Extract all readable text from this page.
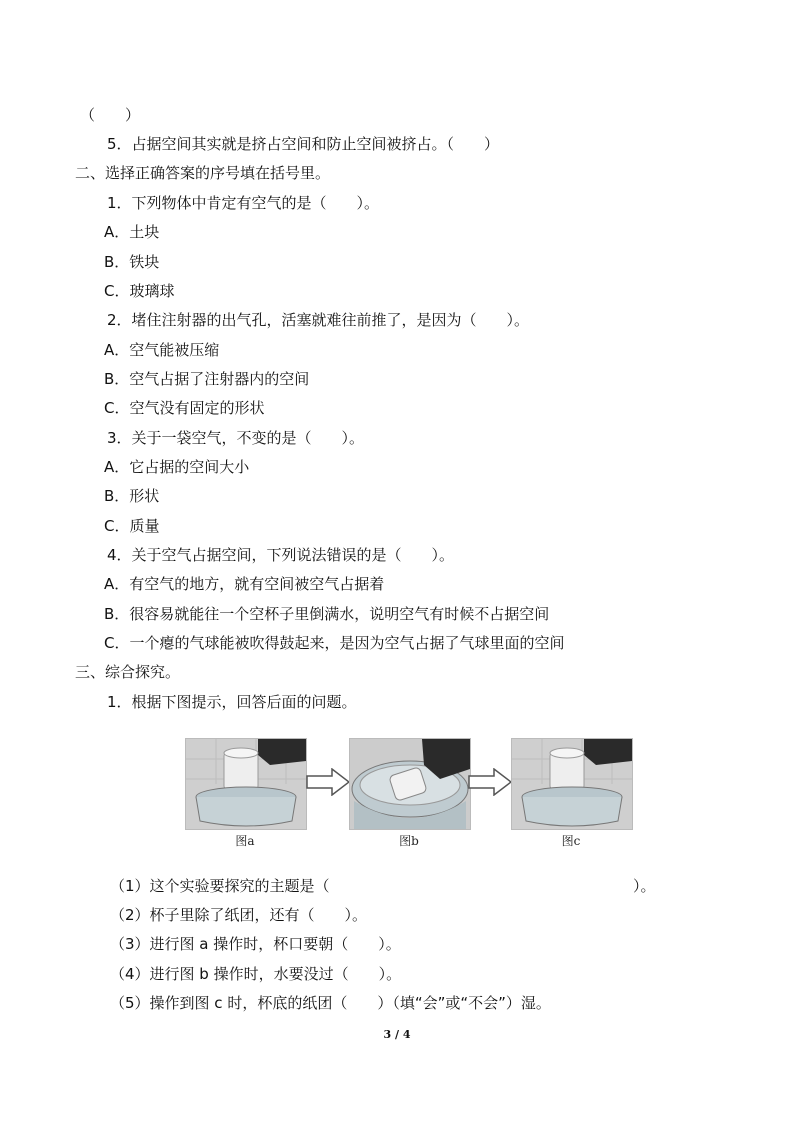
（　　）
5．占据空间其实就是挤占空间和防止空间被挤占。（　　）
二、选择正确答案的序号填在括号里。
1．下列物体中肯定有空气的是（　　）。
A．土块
B．铁块
C．玻璃球
2．堵住注射器的出气孔，活塞就难往前推了，是因为（　　）。
A．空气能被压缩
B．空气占据了注射器内的空间
C．空气没有固定的形状
3．关于一袋空气，不变的是（　　）。
A．它占据的空间大小
B．形状
C．质量
4．关于空气占据空间，下列说法错误的是（　　）。
A．有空气的地方，就有空间被空气占据着
B．很容易就能往一个空杯子里倒满水，说明空气有时候不占据空间
C．一个瘪的气球能被吹得鼓起来，是因为空气占据了气球里面的空间
三、综合探究。
1．根据下图提示，回答后面的问题。
图a	图b	图c
（1）这个实验要探究的主题是（	）。
（2）杯子里除了纸团，还有（　　）。
（3）进行图 a 操作时，杯口要朝（　　）。
（4）进行图 b 操作时，水要没过（　　）。
（5）操作到图 c 时，杯底的纸团（　　）（填“会”或“不会”）湿。
3 / 4
